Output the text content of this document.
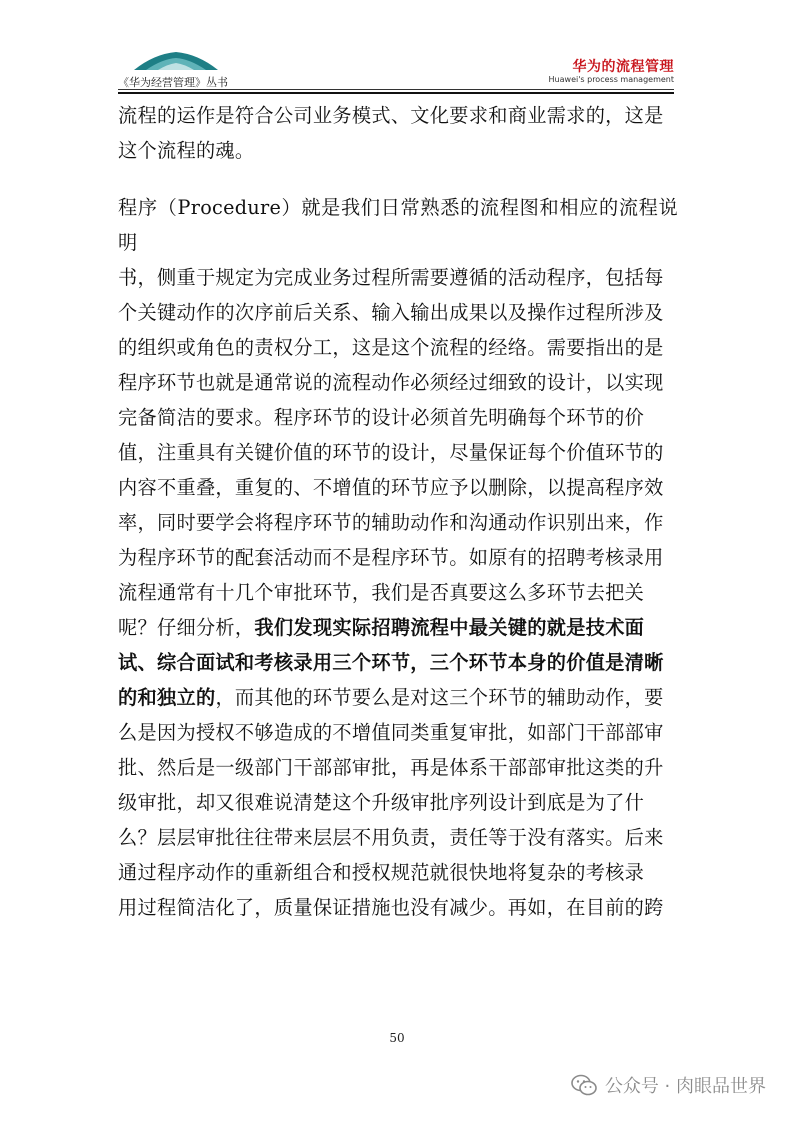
《华为经营管理》丛书
华为的流程管理
Huawei's process management

流程的运作是符合公司业务模式、文化要求和商业需求的，这是
这个流程的魂。

程序（Procedure）就是我们日常熟悉的流程图和相应的流程说明
书，侧重于规定为完成业务过程所需要遵循的活动程序，包括每
个关键动作的次序前后关系、输入输出成果以及操作过程所涉及
的组织或角色的责权分工，这是这个流程的经络。需要指出的是
程序环节也就是通常说的流程动作必须经过细致的设计，以实现
完备简洁的要求。程序环节的设计必须首先明确每个环节的价
值，注重具有关键价值的环节的设计，尽量保证每个价值环节的
内容不重叠，重复的、不增值的环节应予以删除，以提高程序效
率，同时要学会将程序环节的辅助动作和沟通动作识别出来，作
为程序环节的配套活动而不是程序环节。如原有的招聘考核录用
流程通常有十几个审批环节，我们是否真要这么多环节去把关
呢？仔细分析，我们发现实际招聘流程中最关键的就是技术面
试、综合面试和考核录用三个环节，三个环节本身的价值是清晰
的和独立的，而其他的环节要么是对这三个环节的辅助动作，要
么是因为授权不够造成的不增值同类重复审批，如部门干部部审
批、然后是一级部门干部部审批，再是体系干部部审批这类的升
级审批，却又很难说清楚这个升级审批序列设计到底是为了什
么？层层审批往往带来层层不用负责，责任等于没有落实。后来
通过程序动作的重新组合和授权规范就很快地将复杂的考核录
用过程简洁化了，质量保证措施也没有减少。再如，在目前的跨

50
公众号 · 肉眼品世界
